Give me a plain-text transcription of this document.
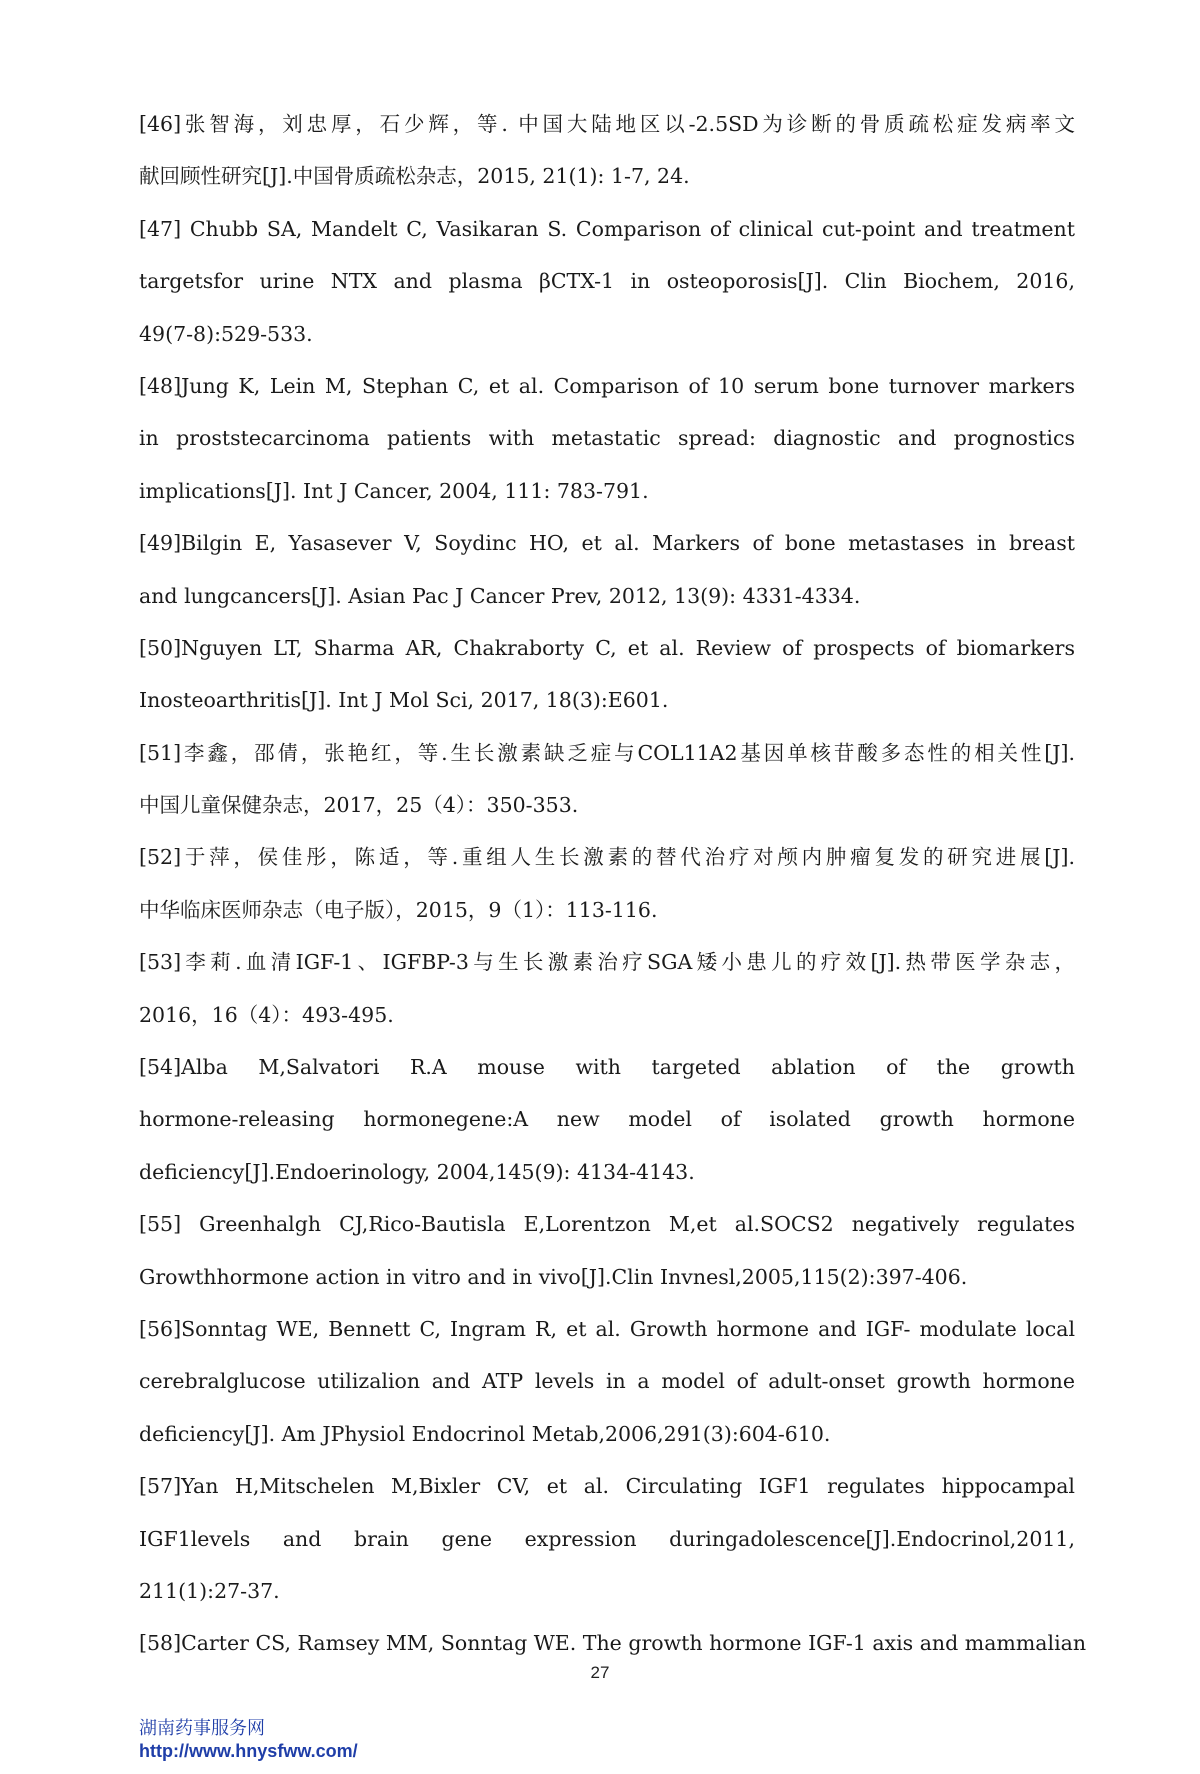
[46]张智海，刘忠厚，石少辉，等. 中国大陆地区以-2.5SD为诊断的骨质疏松症发病率文
献回顾性研究[J].中国骨质疏松杂志，2015, 21(1): 1-7, 24.
[47] Chubb SA, Mandelt C, Vasikaran S. Comparison of clinical cut-point and treatment
targetsfor urine NTX and plasma βCTX-1 in osteoporosis[J]. Clin Biochem, 2016,
49(7-8):529-533.
[48]Jung K, Lein M, Stephan C, et al. Comparison of 10 serum bone turnover markers
in proststecarcinoma patients with metastatic spread: diagnostic and prognostics
implications[J]. Int J Cancer, 2004, 111: 783-791.
[49]Bilgin E, Yasasever V, Soydinc HO, et al. Markers of bone metastases in breast
and lungcancers[J]. Asian Pac J Cancer Prev, 2012, 13(9): 4331-4334.
[50]Nguyen LT, Sharma AR, Chakraborty C, et al. Review of prospects of biomarkers
Inosteoarthritis[J]. Int J Mol Sci, 2017, 18(3):E601.
[51]李鑫，邵倩，张艳红，等.生长激素缺乏症与COL11A2基因单核苷酸多态性的相关性[J].
中国儿童保健杂志，2017，25（4）：350-353.
[52]于萍，侯佳彤，陈适，等.重组人生长激素的替代治疗对颅内肿瘤复发的研究进展[J].
中华临床医师杂志（电子版），2015，9（1）：113-116.
[53]李莉.血清IGF-1、IGFBP-3与生长激素治疗SGA矮小患儿的疗效[J].热带医学杂志，
2016，16（4）：493-495.
[54]Alba M,Salvatori R.A mouse with targeted ablation of the growth
hormone-releasing hormonegene:A new model of isolated growth hormone
deficiency[J].Endoerinology, 2004,145(9): 4134-4143.
[55] Greenhalgh CJ,Rico-Bautisla E,Lorentzon M,et al.SOCS2 negatively regulates
Growthhormone action in vitro and in vivo[J].Clin Invnesl,2005,115(2):397-406.
[56]Sonntag WE, Bennett C, Ingram R, et al. Growth hormone and IGF- modulate local
cerebralglucose utilizalion and ATP levels in a model of adult-onset growth hormone
deficiency[J]. Am JPhysiol Endocrinol Metab,2006,291(3):604-610.
[57]Yan H,Mitschelen M,Bixler CV, et al. Circulating IGF1 regulates hippocampal
IGF1levels and brain gene expression duringadolescence[J].Endocrinol,2011,
211(1):27-37.
[58]Carter CS, Ramsey MM, Sonntag WE. The growth hormone IGF-1 axis and mammalian
27
湖南药事服务网
http://www.hnysfww.com/
